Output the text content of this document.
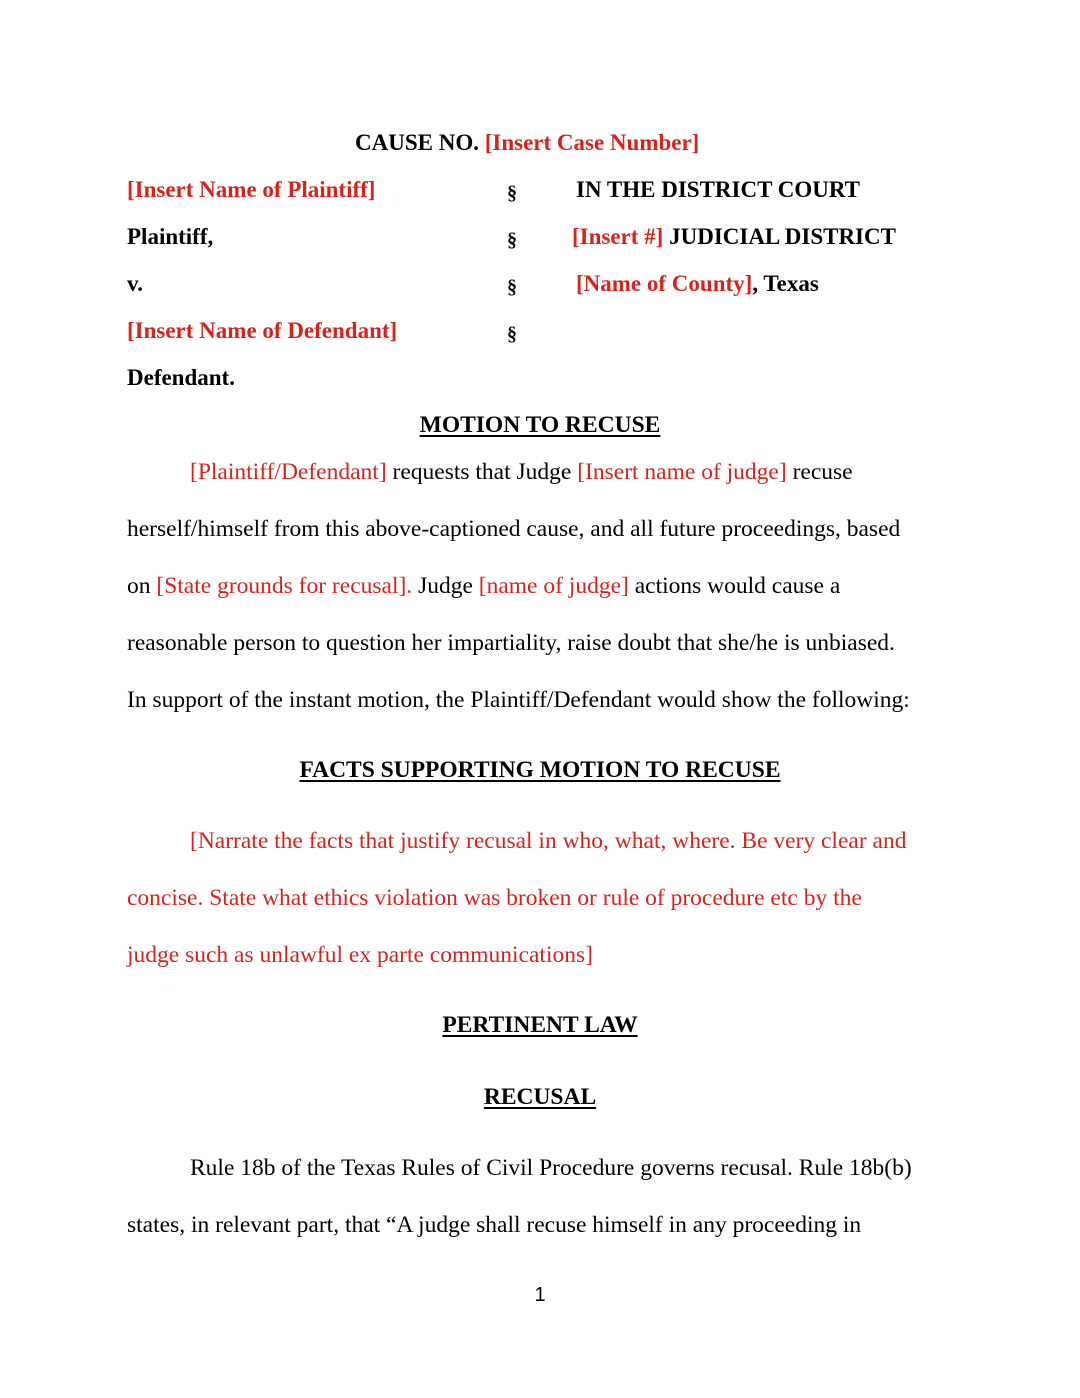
CAUSE NO. [Insert Case Number]
[Insert Name of Plaintiff]
Plaintiff,
v.
[Insert Name of Defendant]
Defendant.
§
§
§
§
IN THE DISTRICT COURT
[Insert #] JUDICIAL DISTRICT
[Name of County], Texas
MOTION TO RECUSE
[Plaintiff/Defendant] requests that Judge [Insert name of judge] recuse
herself/himself from this above-captioned cause, and all future proceedings, based
on [State grounds for recusal]. Judge [name of judge] actions would cause a
reasonable person to question her impartiality, raise doubt that she/he is unbiased.
In support of the instant motion, the Plaintiff/Defendant would show the following:
FACTS SUPPORTING MOTION TO RECUSE
[Narrate the facts that justify recusal in who, what, where. Be very clear and
concise. State what ethics violation was broken or rule of procedure etc by the
judge such as unlawful ex parte communications]
PERTINENT LAW
RECUSAL
Rule 18b of the Texas Rules of Civil Procedure governs recusal. Rule 18b(b)
states, in relevant part, that “A judge shall recuse himself in any proceeding in
1
